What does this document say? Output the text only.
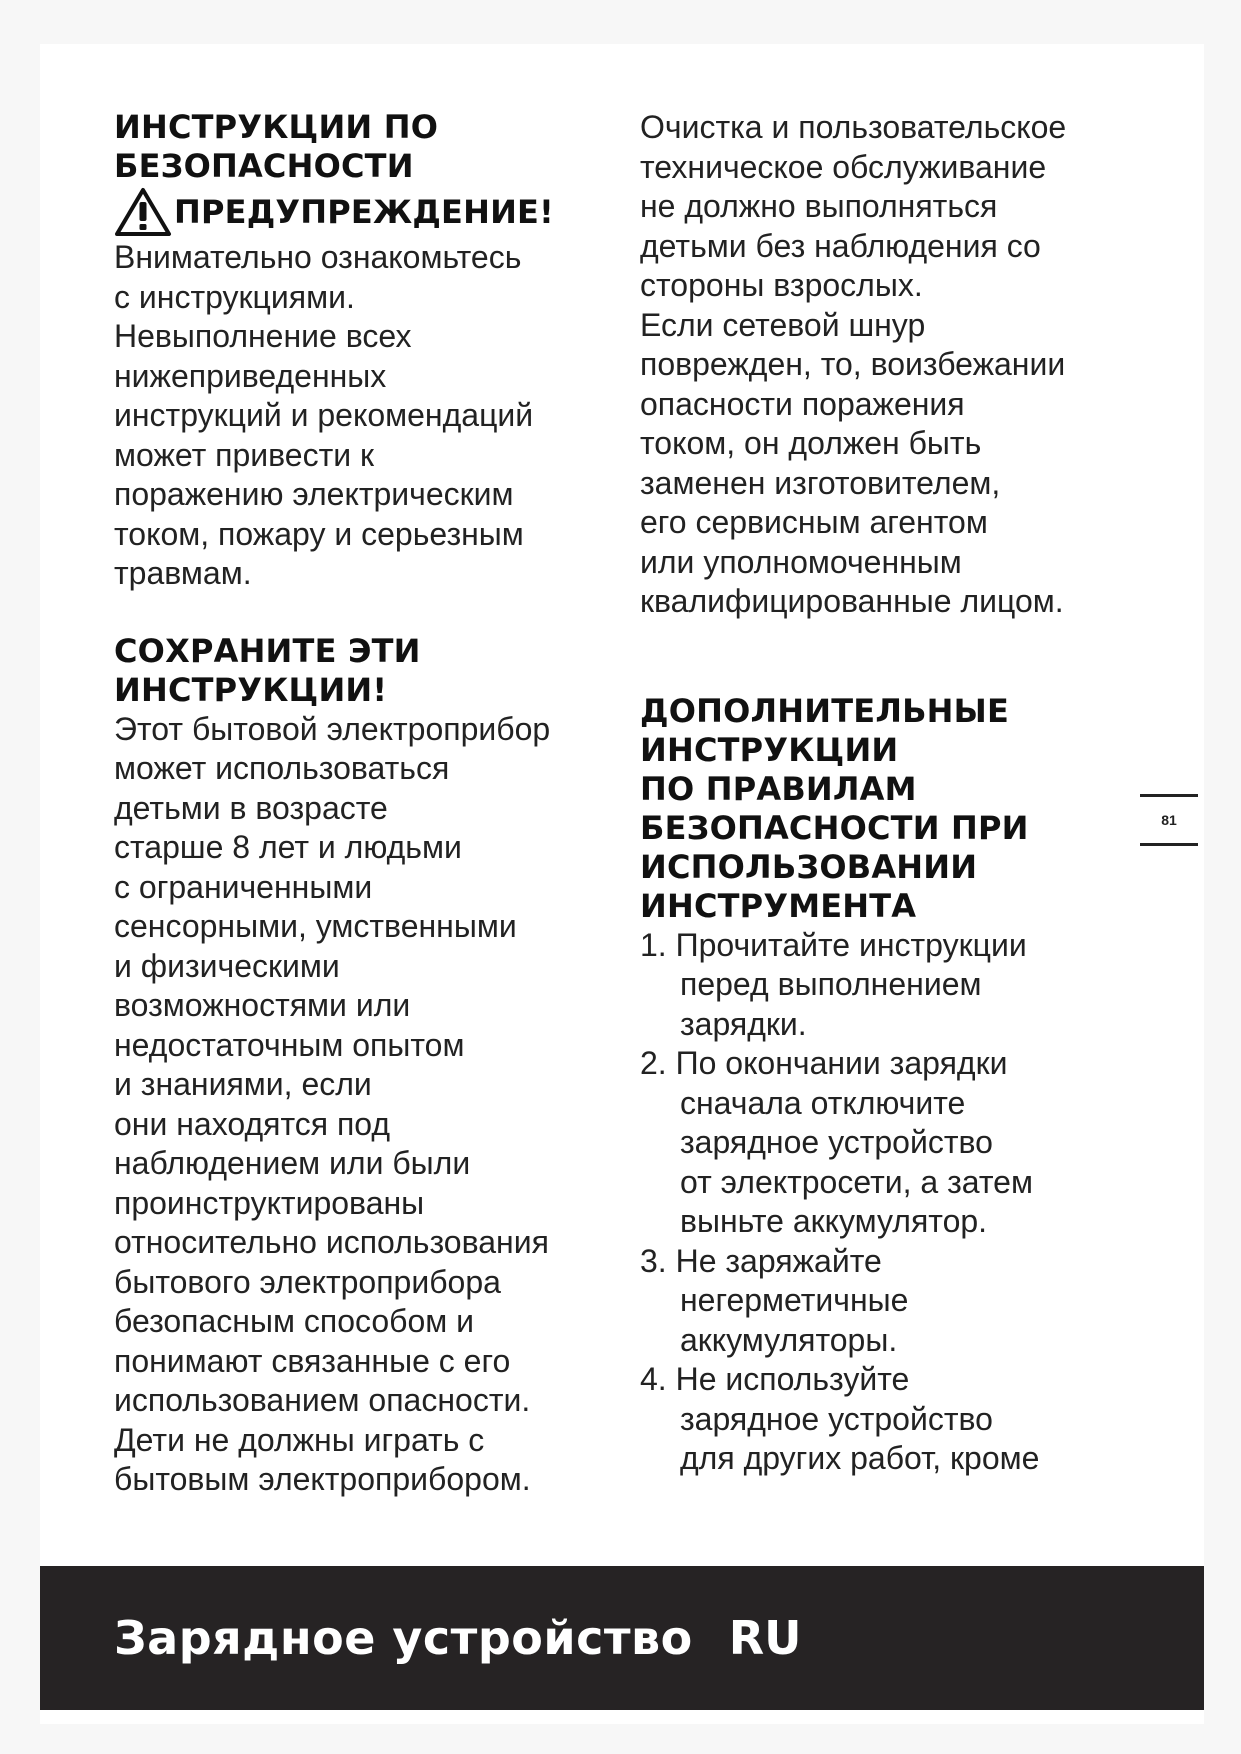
ИНСТРУКЦИИ ПО
БЕЗОПАСНОСТИ
ПРЕДУПРЕЖДЕНИЕ!

Внимательно ознакомьтесь
с инструкциями.
Невыполнение всех
нижеприведенных
инструкций и рекомендаций
может привести к
поражению электрическим
током, пожару и серьезным
травмам.

СОХРАНИТЕ ЭТИ
ИНСТРУКЦИИ!

Этот бытовой электроприбор
может использоваться
детьми в возрасте
старше 8 лет и людьми
с ограниченными
сенсорными, умственными
и физическими
возможностями или
недостаточным опытом
и знаниями, если
они находятся под
наблюдением или были
проинструктированы
относительно использования
бытового электроприбора
безопасным способом и
понимают связанные с его
использованием опасности.
Дети не должны играть с
бытовым электроприбором.

Очистка и пользовательское
техническое обслуживание
не должно выполняться
детьми без наблюдения со
стороны взрослых.
Если сетевой шнур
поврежден, то, воизбежании
опасности поражения
током, он должен быть
заменен изготовителем,
его сервисным агентом
или уполномоченным
квалифицированные лицом.

ДОПОЛНИТЕЛЬНЫЕ
ИНСТРУКЦИИ
ПО ПРАВИЛАМ
БЕЗОПАСНОСТИ ПРИ
ИСПОЛЬЗОВАНИИ
ИНСТРУМЕНТА
1. Прочитайте инструкции
перед выполнением
зарядки.
2. По окончании зарядки
сначала отключите
зарядное устройство
от электросети, а затем
выньте аккумулятор.
3. Не заряжайте
негерметичные
аккумуляторы.
4. Не используйте
зарядное устройство
для других работ, кроме
81
Зарядное устройство RU
